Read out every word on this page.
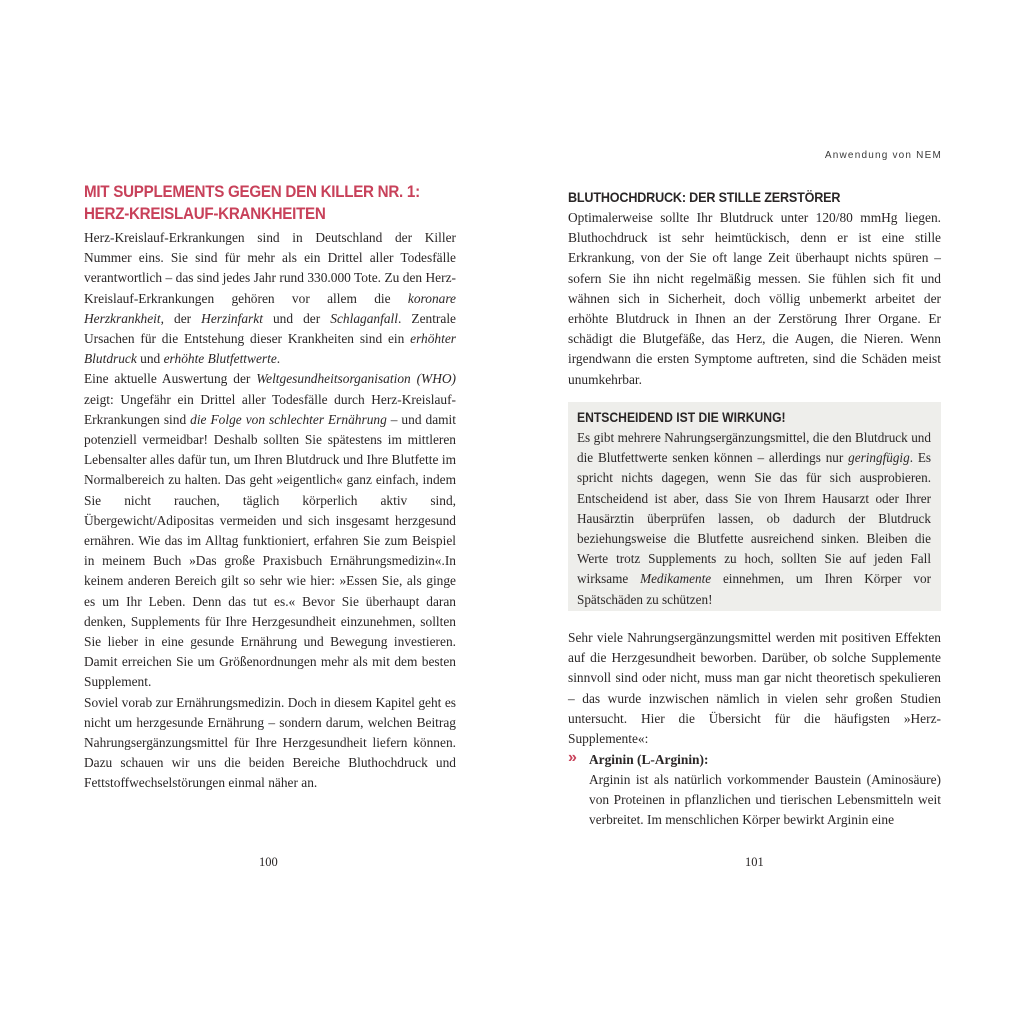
MIT SUPPLEMENTS GEGEN DEN KILLER NR. 1:
HERZ-KREISLAUF-KRANKHEITEN

Herz-Kreislauf-Erkrankungen sind in Deutschland der Killer Nummer eins. Sie sind für mehr als ein Drittel aller Todesfälle verantwortlich – das sind jedes Jahr rund 330.000 Tote. Zu den Herz-Kreislauf-Erkrankungen gehören vor allem die koronare Herzkrankheit, der Herzinfarkt und der Schlaganfall. Zentrale Ursachen für die Entstehung dieser Krankheiten sind ein erhöhter Blutdruck und erhöhte Blutfettwerte.

Eine aktuelle Auswertung der Weltgesundheitsorganisation (WHO) zeigt: Ungefähr ein Drittel aller Todesfälle durch Herz-Kreislauf-Erkrankungen sind die Folge von schlechter Ernährung – und damit potenziell vermeidbar! Deshalb sollten Sie spätestens im mittleren Lebensalter alles dafür tun, um Ihren Blutdruck und Ihre Blutfette im Normalbereich zu halten. Das geht »eigentlich« ganz einfach, indem Sie nicht rauchen, täglich körperlich aktiv sind, Übergewicht/Adipositas vermeiden und sich insgesamt herzgesund ernähren. Wie das im Alltag funktioniert, erfahren Sie zum Beispiel in meinem Buch »Das große Praxisbuch Ernährungsmedizin«.In keinem anderen Bereich gilt so sehr wie hier: »Essen Sie, als ginge es um Ihr Leben. Denn das tut es.« Bevor Sie überhaupt daran denken, Supplements für Ihre Herzgesundheit einzunehmen, sollten Sie lieber in eine gesunde Ernährung und Bewegung investieren. Damit erreichen Sie um Größenordnungen mehr als mit dem besten Supplement.

Soviel vorab zur Ernährungsmedizin. Doch in diesem Kapitel geht es nicht um herzgesunde Ernährung – sondern darum, welchen Beitrag Nahrungsergänzungsmittel für Ihre Herzgesundheit liefern können. Dazu schauen wir uns die beiden Bereiche Bluthochdruck und Fettstoffwechselstörungen einmal näher an.

100
Anwendung von NEM
101
BLUTHOCHDRUCK: DER STILLE ZERSTÖRER
Optimalerweise sollte Ihr Blutdruck unter 120/80 mmHg liegen. Bluthochdruck ist sehr heimtückisch, denn er ist eine stille Erkrankung, von der Sie oft lange Zeit überhaupt nichts spüren – sofern Sie ihn nicht regelmäßig messen. Sie fühlen sich fit und wähnen sich in Sicherheit, doch völlig unbemerkt arbeitet der erhöhte Blutdruck in Ihnen an der Zerstörung Ihrer Organe. Er schädigt die Blutgefäße, das Herz, die Augen, die Nieren. Wenn irgendwann die ersten Symptome auftreten, sind die Schäden meist unumkehrbar.
ENTSCHEIDEND IST DIE WIRKUNG!
Es gibt mehrere Nahrungsergänzungsmittel, die den Blutdruck und die Blutfettwerte senken können – allerdings nur geringfügig. Es spricht nichts dagegen, wenn Sie das für sich ausprobieren. Entscheidend ist aber, dass Sie von Ihrem Hausarzt oder Ihrer Hausärztin überprüfen lassen, ob dadurch der Blutdruck beziehungsweise die Blutfette ausreichend sinken. Bleiben die Werte trotz Supplements zu hoch, sollten Sie auf jeden Fall wirksame Medikamente einnehmen, um Ihren Körper vor Spätschäden zu schützen!
Sehr viele Nahrungsergänzungsmittel werden mit positiven Effekten auf die Herzgesundheit beworben. Darüber, ob solche Supplemente sinnvoll sind oder nicht, muss man gar nicht theoretisch spekulieren – das wurde inzwischen nämlich in vielen sehr großen Studien untersucht. Hier die Übersicht für die häufigsten »Herz-Supplemente«:
» Arginin (L-Arginin):
Arginin ist als natürlich vorkommender Baustein (Aminosäure) von Proteinen in pflanzlichen und tierischen Lebensmitteln weit verbreitet. Im menschlichen Körper bewirkt Arginin eine
